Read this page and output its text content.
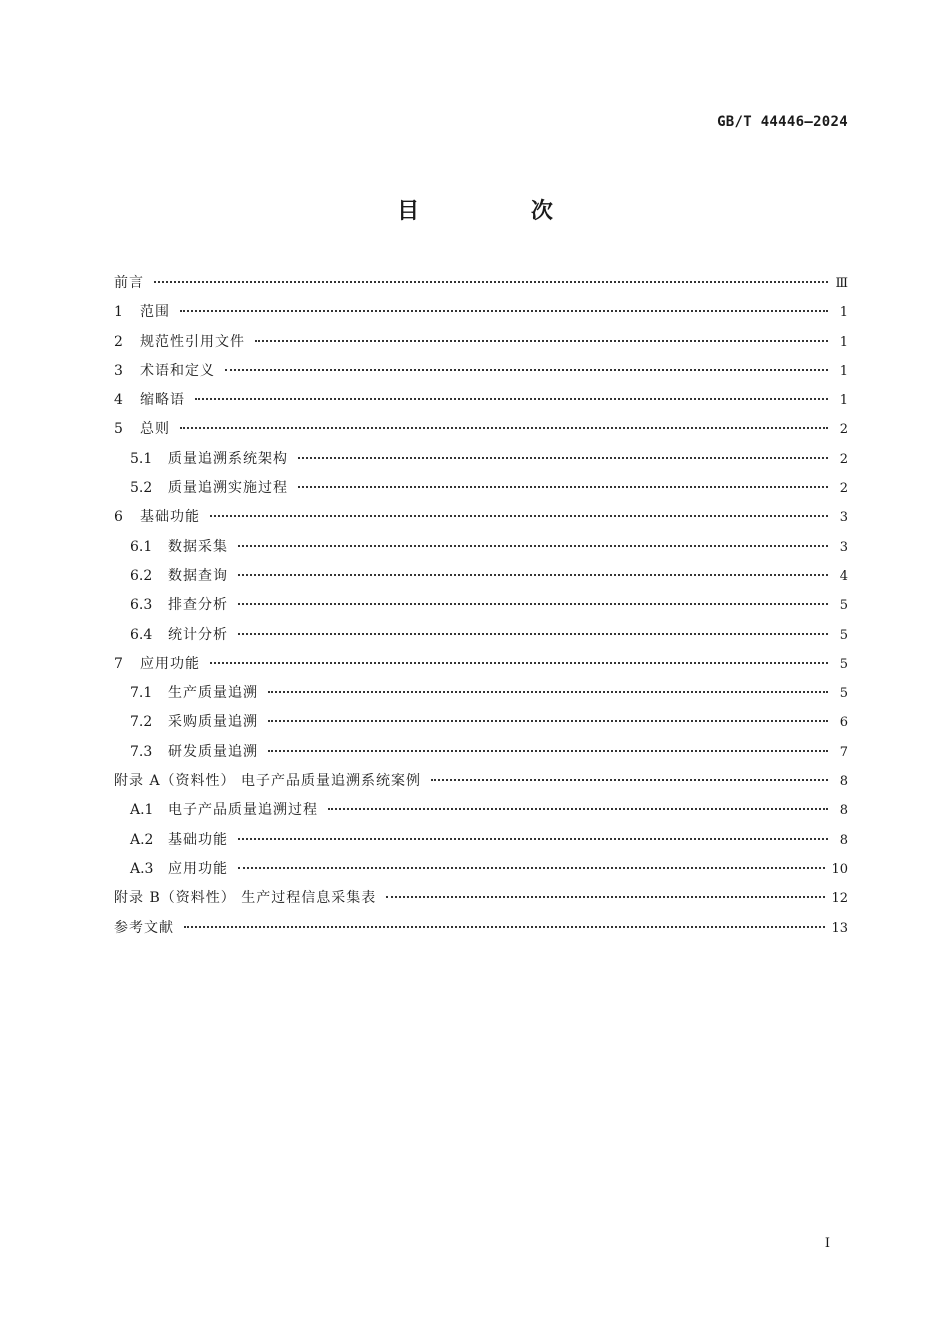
GB/T 44446—2024
目 次
前言	Ⅲ
1	范围	1
2	规范性引用文件	1
3	术语和定义	1
4	缩略语	1
5	总则	2
5.1	质量追溯系统架构	2
5.2	质量追溯实施过程	2
6	基础功能	3
6.1	数据采集	3
6.2	数据查询	4
6.3	排查分析	5
6.4	统计分析	5
7	应用功能	5
7.1	生产质量追溯	5
7.2	采购质量追溯	6
7.3	研发质量追溯	7
附录 A（资料性） 电子产品质量追溯系统案例	8
A.1	电子产品质量追溯过程	8
A.2	基础功能	8
A.3	应用功能	10
附录 B（资料性） 生产过程信息采集表	12
参考文献	13
Ⅰ
